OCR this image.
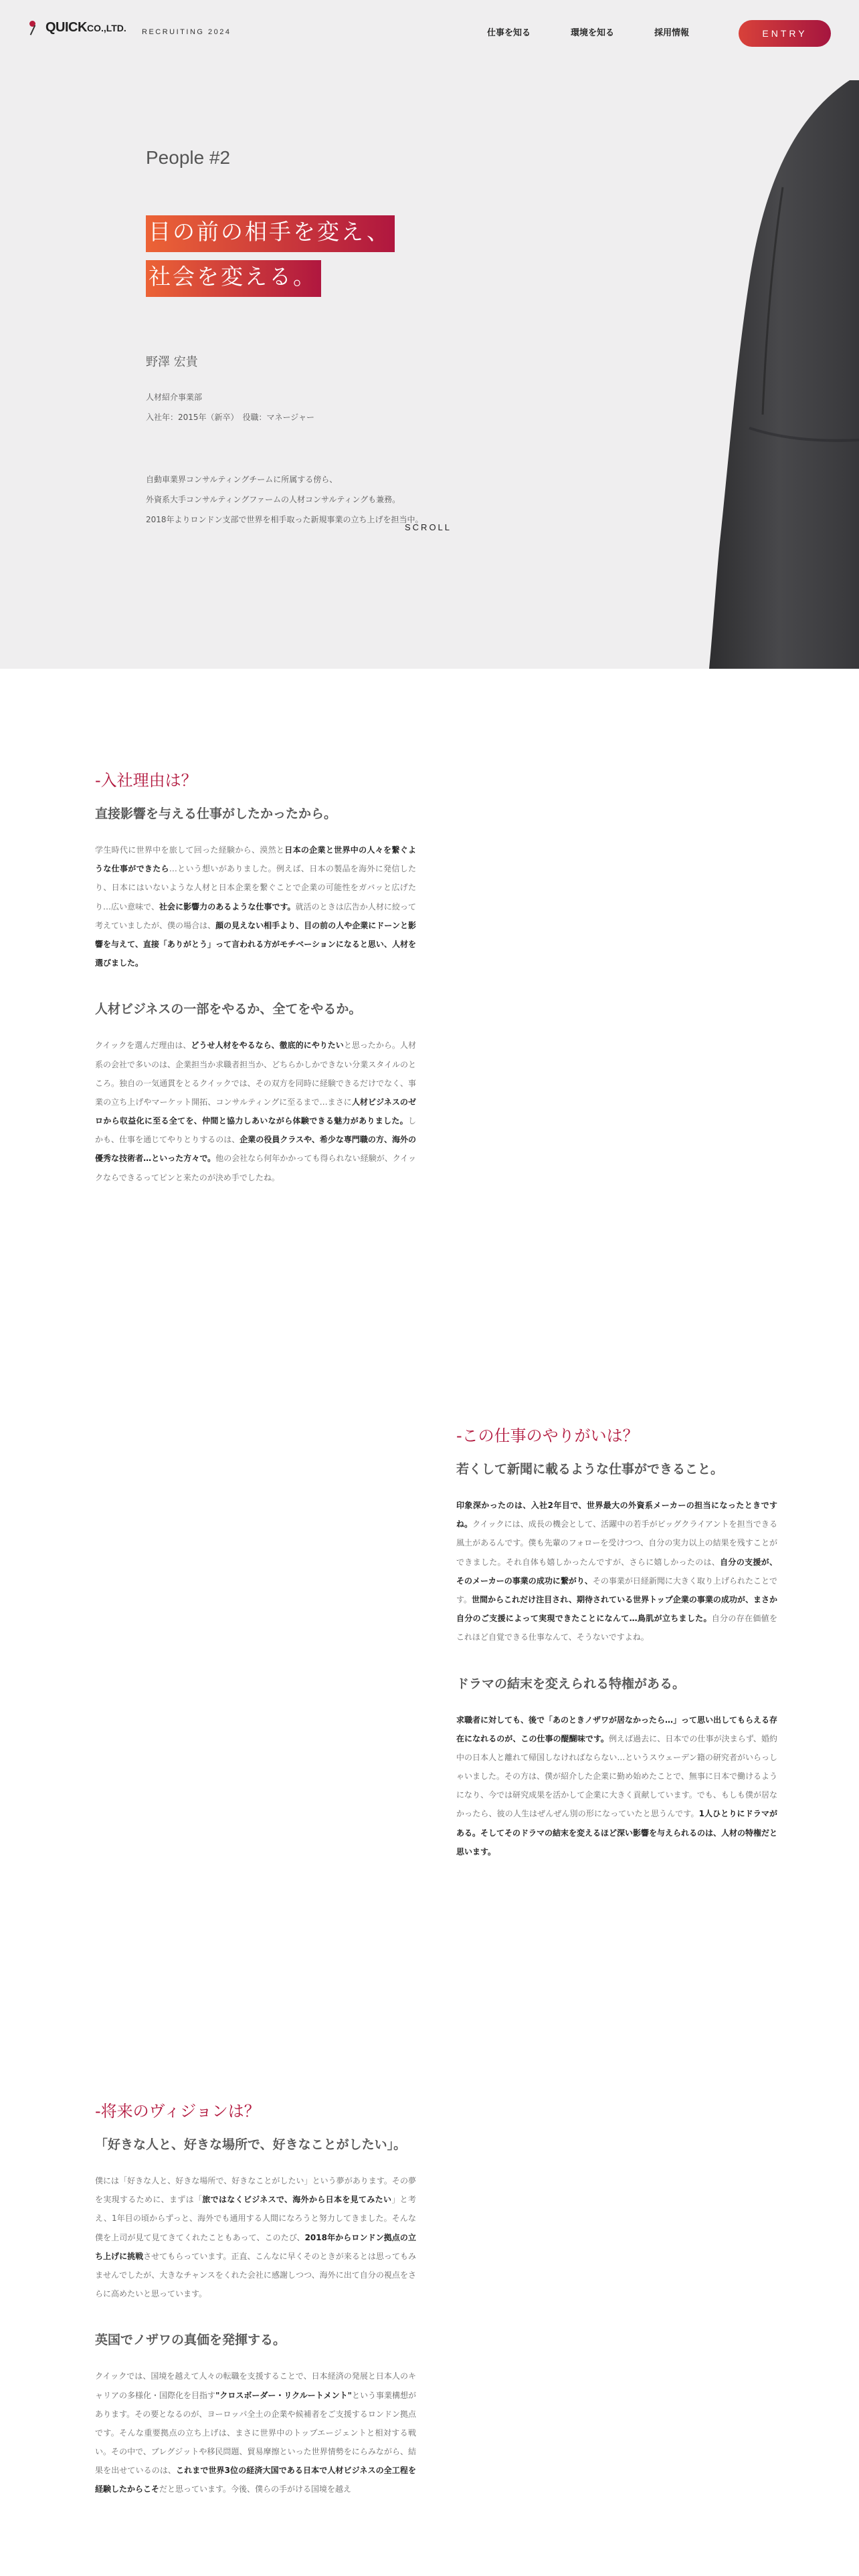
People #2
目の前の相手を変え、
社会を変える。
野澤 宏貴
人材紹介事業部
入社年：2015年（新卒）　役職：マネージャー
自動車業界コンサルティングチームに所属する傍ら、
外資系大手コンサルティングファームの人材コンサルティングも兼務。
2018年よりロンドン支部で世界を相手取った新規事業の立ち上げを担当中。
SCROLL
QUICKCO.,LTD. RECRUITING 2024	仕事を知る	環境を知る	採用情報	ENTRY
-入社理由は？
直接影響を与える仕事がしたかったから。

学生時代に世界中を旅して回った経験から、漠然と日本の企業と世界中の人々を繋ぐような仕事ができたら…という想いがありました。例えば、日本の製品を海外に発信したり、日本にはいないような人材と日本企業を繋ぐことで企業の可能性をガバッと広げたり…広い意味で、社会に影響力のあるような仕事です。就活のときは広告か人材に絞って考えていましたが、僕の場合は、顔の見えない相手より、目の前の人や企業にドーンと影響を与えて、直接「ありがとう」って言われる方がモチベーションになると思い、人材を選びました。

人材ビジネスの一部をやるか、全てをやるか。

クイックを選んだ理由は、どうせ人材をやるなら、徹底的にやりたいと思ったから。人材系の会社で多いのは、企業担当か求職者担当か、どちらかしかできない分業スタイルのところ。独自の一気通貫をとるクイックでは、その双方を同時に経験できるだけでなく、事業の立ち上げやマーケット開拓、コンサルティングに至るまで…まさに人材ビジネスのゼロから収益化に至る全てを、仲間と協力しあいながら体験できる魅力がありました。しかも、仕事を通じてやりとりするのは、企業の役員クラスや、希少な専門職の方、海外の優秀な技術者…といった方々で。他の会社なら何年かかっても得られない経験が、クイックならできるってピンと来たのが決め手でしたね。

-この仕事のやりがいは？
若くして新聞に載るような仕事ができること。

印象深かったのは、入社2年目で、世界最大の外資系メーカーの担当になったときですね。クイックには、成長の機会として、活躍中の若手がビッグクライアントを担当できる風土があるんです。僕も先輩のフォローを受けつつ、自分の実力以上の結果を残すことができました。それ自体も嬉しかったんですが、さらに嬉しかったのは、自分の支援が、そのメーカーの事業の成功に繋がり、その事業が日経新聞に大きく取り上げられたことです。世間からこれだけ注目され、期待されている世界トップ企業の事業の成功が、まさか自分のご支援によって実現できたことになんて…鳥肌が立ちました。自分の存在価値をこれほど自覚できる仕事なんて、そうないですよね。

ドラマの結末を変えられる特権がある。

求職者に対しても、後で「あのときノザワが居なかったら…」って思い出してもらえる存在になれるのが、この仕事の醍醐味です。例えば過去に、日本での仕事が決まらず、婚約中の日本人と離れて帰国しなければならない…というスウェーデン籍の研究者がいらっしゃいました。その方は、僕が紹介した企業に勤め始めたことで、無事に日本で働けるようになり、今では研究成果を活かして企業に大きく貢献しています。でも、もしも僕が居なかったら、彼の人生はぜんぜん別の形になっていたと思うんです。1人ひとりにドラマがある。そしてそのドラマの結末を変えるほど深い影響を与えられるのは、人材の特権だと思います。

-将来のヴィジョンは？
「好きな人と、好きな場所で、好きなことがしたい」。

僕には「好きな人と、好きな場所で、好きなことがしたい」という夢があります。その夢を実現するために、まずは「旅ではなくビジネスで、海外から日本を見てみたい」と考え、1年目の頃からずっと、海外でも通用する人間になろうと努力してきました。そんな僕を上司が見て見てきてくれたこともあって、このたび、2018年からロンドン拠点の立ち上げに挑戦させてもらっています。正直、こんなに早くそのときが来るとは思ってもみませんでしたが、大きなチャンスをくれた会社に感謝しつつ、海外に出て自分の視点をさらに高めたいと思っています。

英国でノザワの真価を発揮する。

クイックでは、国境を越えて人々の転職を支援することで、日本経済の発展と日本人のキャリアの多様化・国際化を目指す"クロスボーダー・リクルートメント"という事業構想があります。その要となるのが、ヨーロッパ全土の企業や候補者をご支援するロンドン拠点です。そんな重要拠点の立ち上げは、まさに世界中のトップエージェントと相対する戦い。その中で、ブレグジットや移民問題、貿易摩擦といった世界情勢をにらみながら、結果を出せているのは、これまで世界3位の経済大国である日本で人材ビジネスの全工程を経験したからこそだと思っています。今後、僕らの手がける国境を越え
